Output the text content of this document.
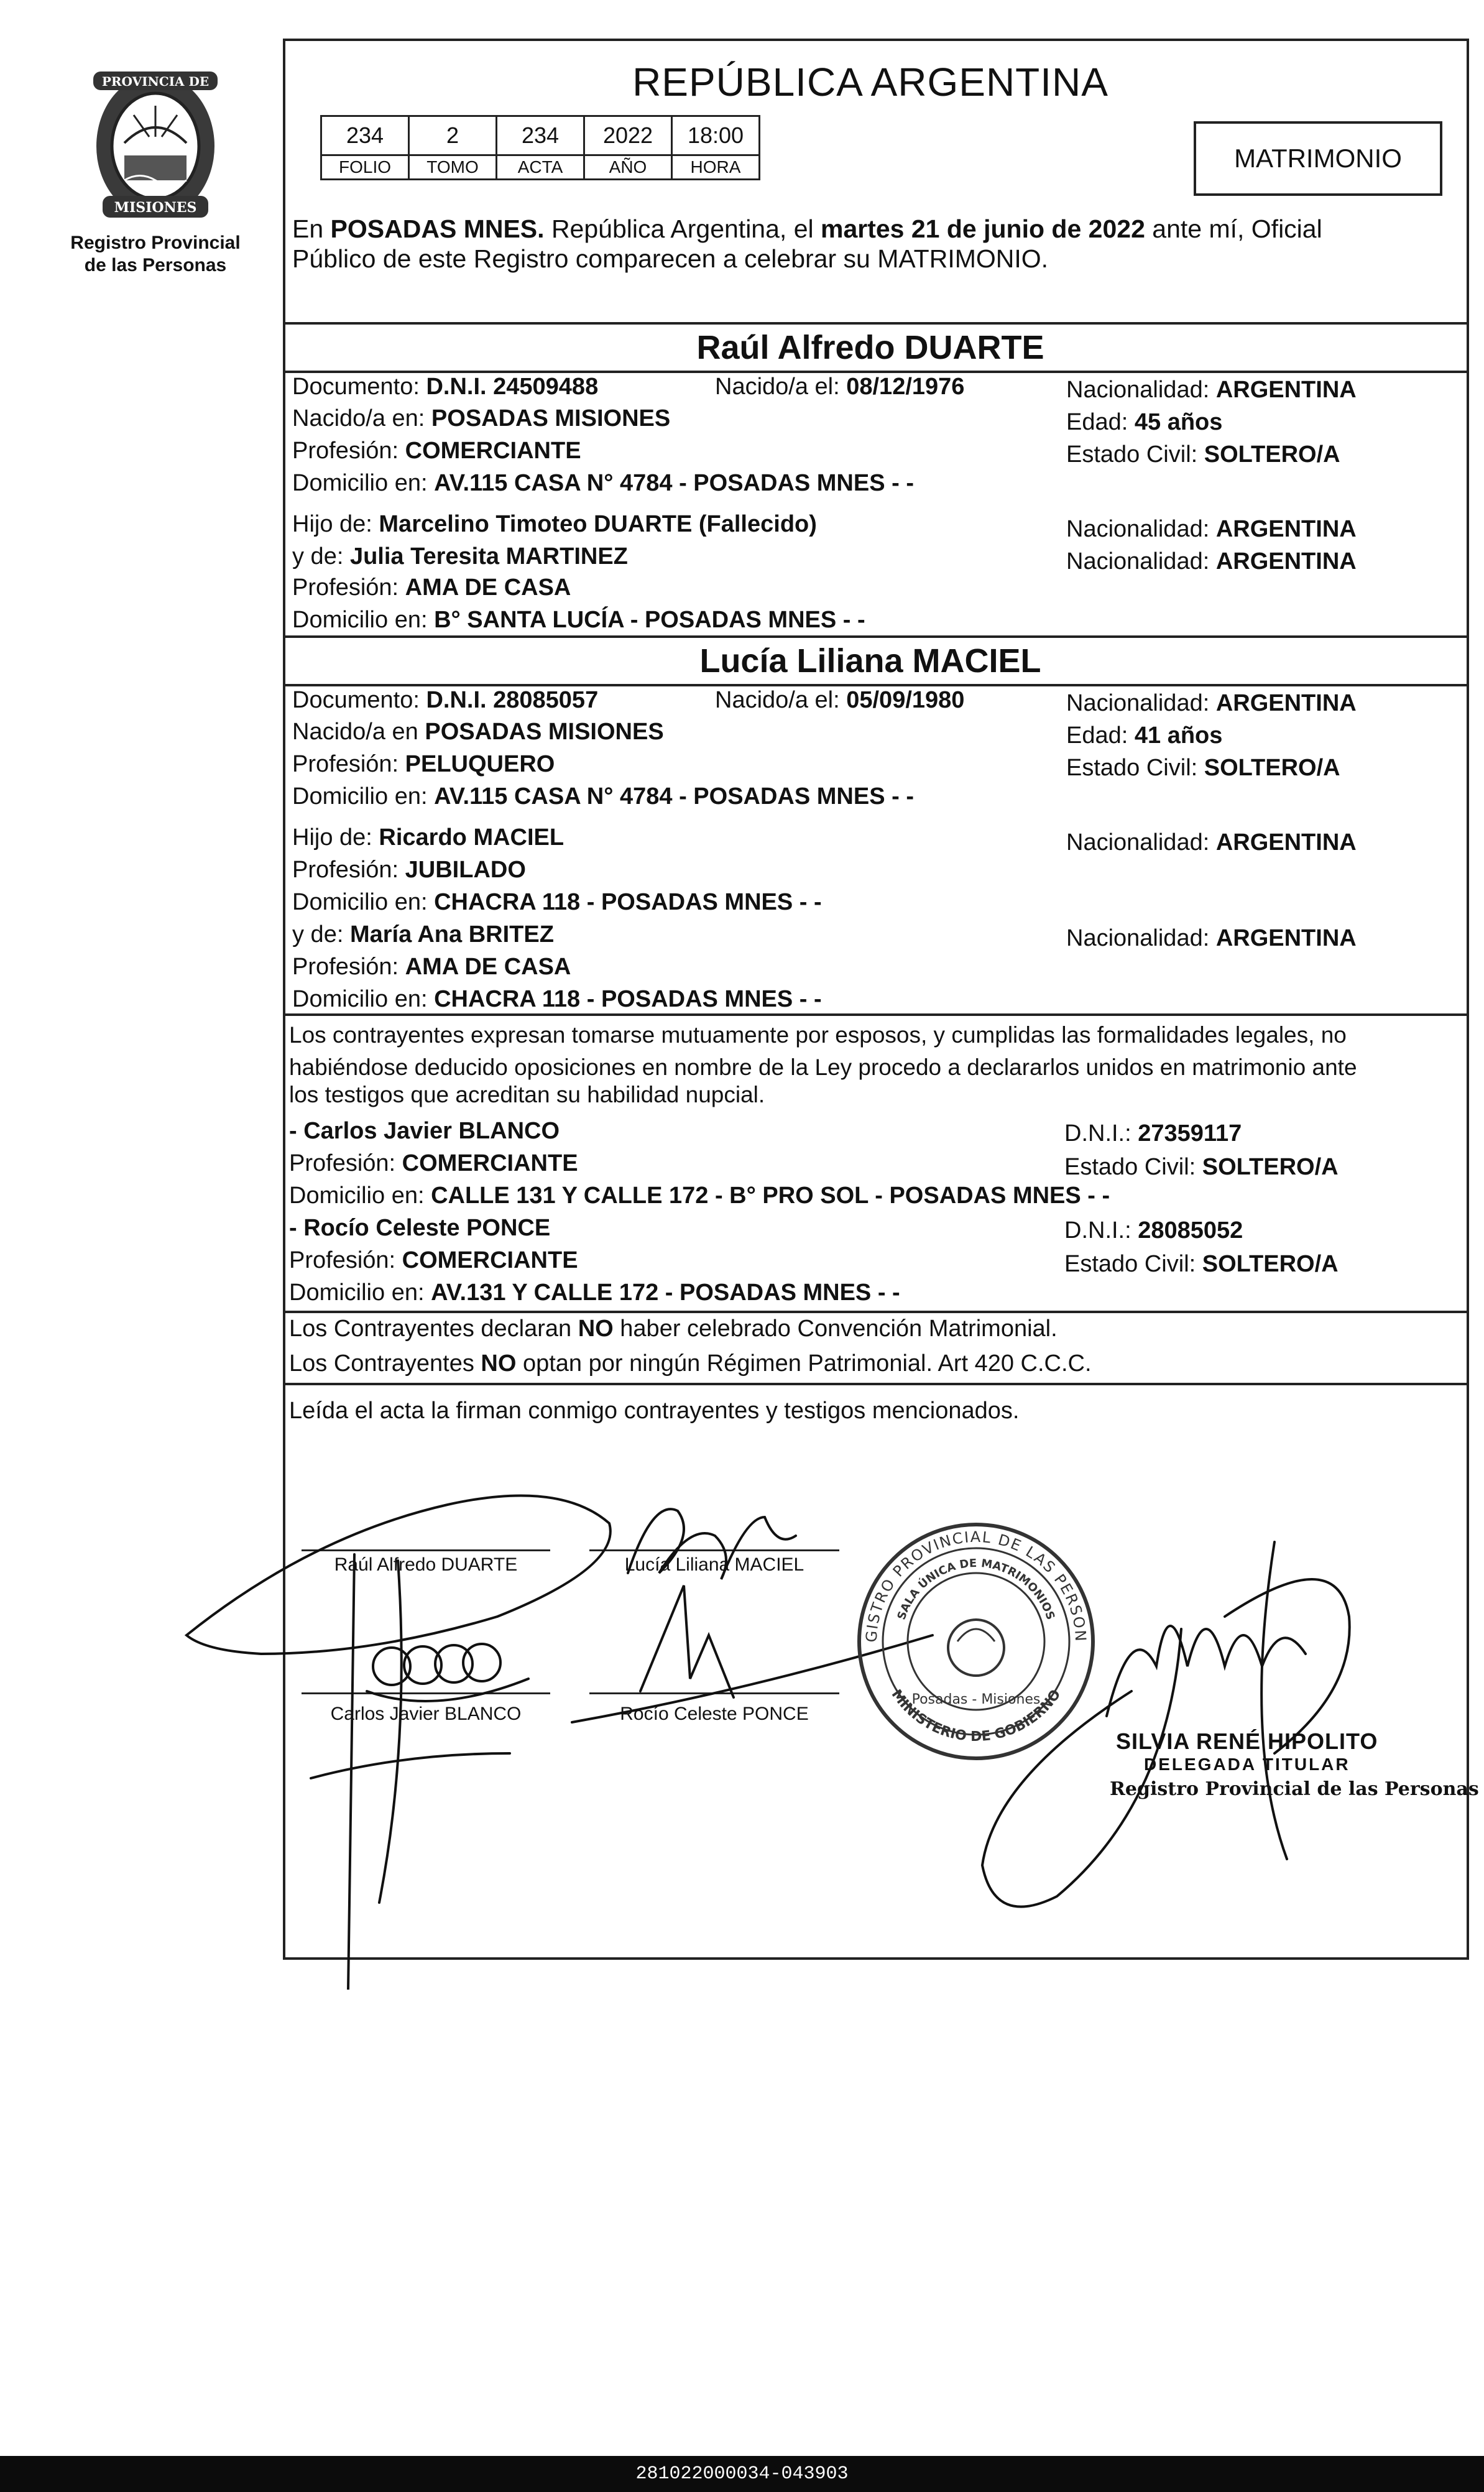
PROVINCIA DE
MISIONES
Registro Provincial
de las Personas
REPÚBLICA ARGENTINA
234	2	234	2022	18:00
FOLIO	TOMO	ACTA	AÑO	HORA	MATRIMONIO
En POSADAS MNES. República Argentina, el martes 21 de junio de 2022 ante mí, Oficial
Público de este Registro comparecen a celebrar su MATRIMONIO.
Raúl Alfredo DUARTE
Documento: D.N.I. 24509488	Nacido/a el: 08/12/1976	Nacionalidad: ARGENTINA
Nacido/a en: POSADAS MISIONES	Edad: 45 años
Profesión: COMERCIANTE	Estado Civil: SOLTERO/A
Domicilio en: AV.115 CASA N° 4784 - POSADAS MNES - -
Hijo de: Marcelino Timoteo DUARTE (Fallecido)	Nacionalidad: ARGENTINA
y de: Julia Teresita MARTINEZ	Nacionalidad: ARGENTINA
Profesión: AMA DE CASA
Domicilio en: B° SANTA LUCÍA - POSADAS MNES - -
Lucía Liliana MACIEL
Documento: D.N.I. 28085057	Nacido/a el: 05/09/1980	Nacionalidad: ARGENTINA
Nacido/a en POSADAS MISIONES	Edad: 41 años
Profesión: PELUQUERO	Estado Civil: SOLTERO/A
Domicilio en: AV.115 CASA N° 4784 - POSADAS MNES - -
Hijo de: Ricardo MACIEL	Nacionalidad: ARGENTINA
Profesión: JUBILADO
Domicilio en: CHACRA 118 - POSADAS MNES - -
y de: María Ana BRITEZ	Nacionalidad: ARGENTINA
Profesión: AMA DE CASA
Domicilio en: CHACRA 118 - POSADAS MNES - -
Los contrayentes expresan tomarse mutuamente por esposos, y cumplidas las formalidades legales, no
habiéndose deducido oposiciones en nombre de la Ley procedo a declararlos unidos en matrimonio ante
los testigos que acreditan su habilidad nupcial.
- Carlos Javier BLANCO	D.N.I.: 27359117
Profesión: COMERCIANTE	Estado Civil: SOLTERO/A
Domicilio en: CALLE 131 Y CALLE 172 - B° PRO SOL - POSADAS MNES - -
- Rocío Celeste PONCE	D.N.I.: 28085052
Profesión: COMERCIANTE	Estado Civil: SOLTERO/A
Domicilio en: AV.131 Y CALLE 172 - POSADAS MNES - -
Los Contrayentes declaran NO haber celebrado Convención Matrimonial.
Los Contrayentes NO optan por ningún Régimen Patrimonial. Art 420 C.C.C.
Leída el acta la firman conmigo contrayentes y testigos mencionados.
Raúl Alfredo DUARTE	Lucía Liliana MACIEL
Carlos Javier BLANCO	Rocío Celeste PONCE
GISTRO PROVINCIAL DE LAS PERSON
SALA ÚNICA DE MATRIMONIOS
MINISTERIO DE GOBIERNO
Posadas - Misiones
SILVIA RENÉ HIPOLITO
DELEGADA TITULAR
Registro Provincial de las Personas
281022000034-043903
